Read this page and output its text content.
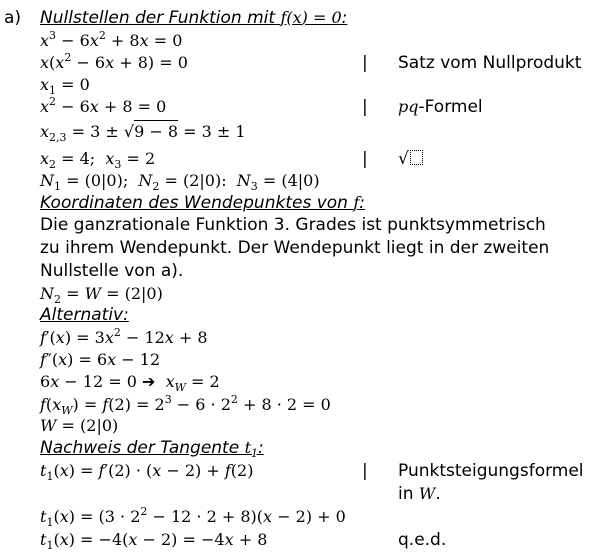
a) Nullstellen der Funktion mit f(x) = 0:
$x^3 - 6x^2 + 8x = 0$
$x(x^2 - 6x + 8) = 0$	| Satz vom Nullprodukt
$x_1 = 0$
$x^2 - 6x + 8 = 0$	| pq-Formel
$x_{2,3} = 3 \pm √9 - 8 = 3 \pm 1$
$x_2 = 4$;  $x_3 = 2$	| √
$N_1 = (0|0)$;  $N_2 = (2|0)$:  $N_3 = (4|0)$
Koordinaten des Wendepunktes von f:
Die ganzrationale Funktion 3. Grades ist punktsymmetrisch
zu ihrem Wendepunkt. Der Wendepunkt liegt in der zweiten
Nullstelle von a).
$N_2 = W = (2|0)$
Alternativ:
$f'(x) = 3x^2 - 12x + 8$
f″(x) = 6x − 12
6x − 12 = 0 ➔ $x_W = 2$
$f(x_W) = f(2) = 2^3 - 6 \cdot 2^2 + 8 \cdot 2 = 0$
W = (2|0)
Nachweis der Tangente $t_1$:
$t_1(x) = f'(2) \cdot (x - 2) + f(2)$	| Punktsteigungsformel
in W.
$t_1(x) = (3 \cdot 2^2 - 12 \cdot 2 + 8)(x - 2) + 0$
$t_1(x) = -4(x - 2) = -4x + 8$	q.e.d.
